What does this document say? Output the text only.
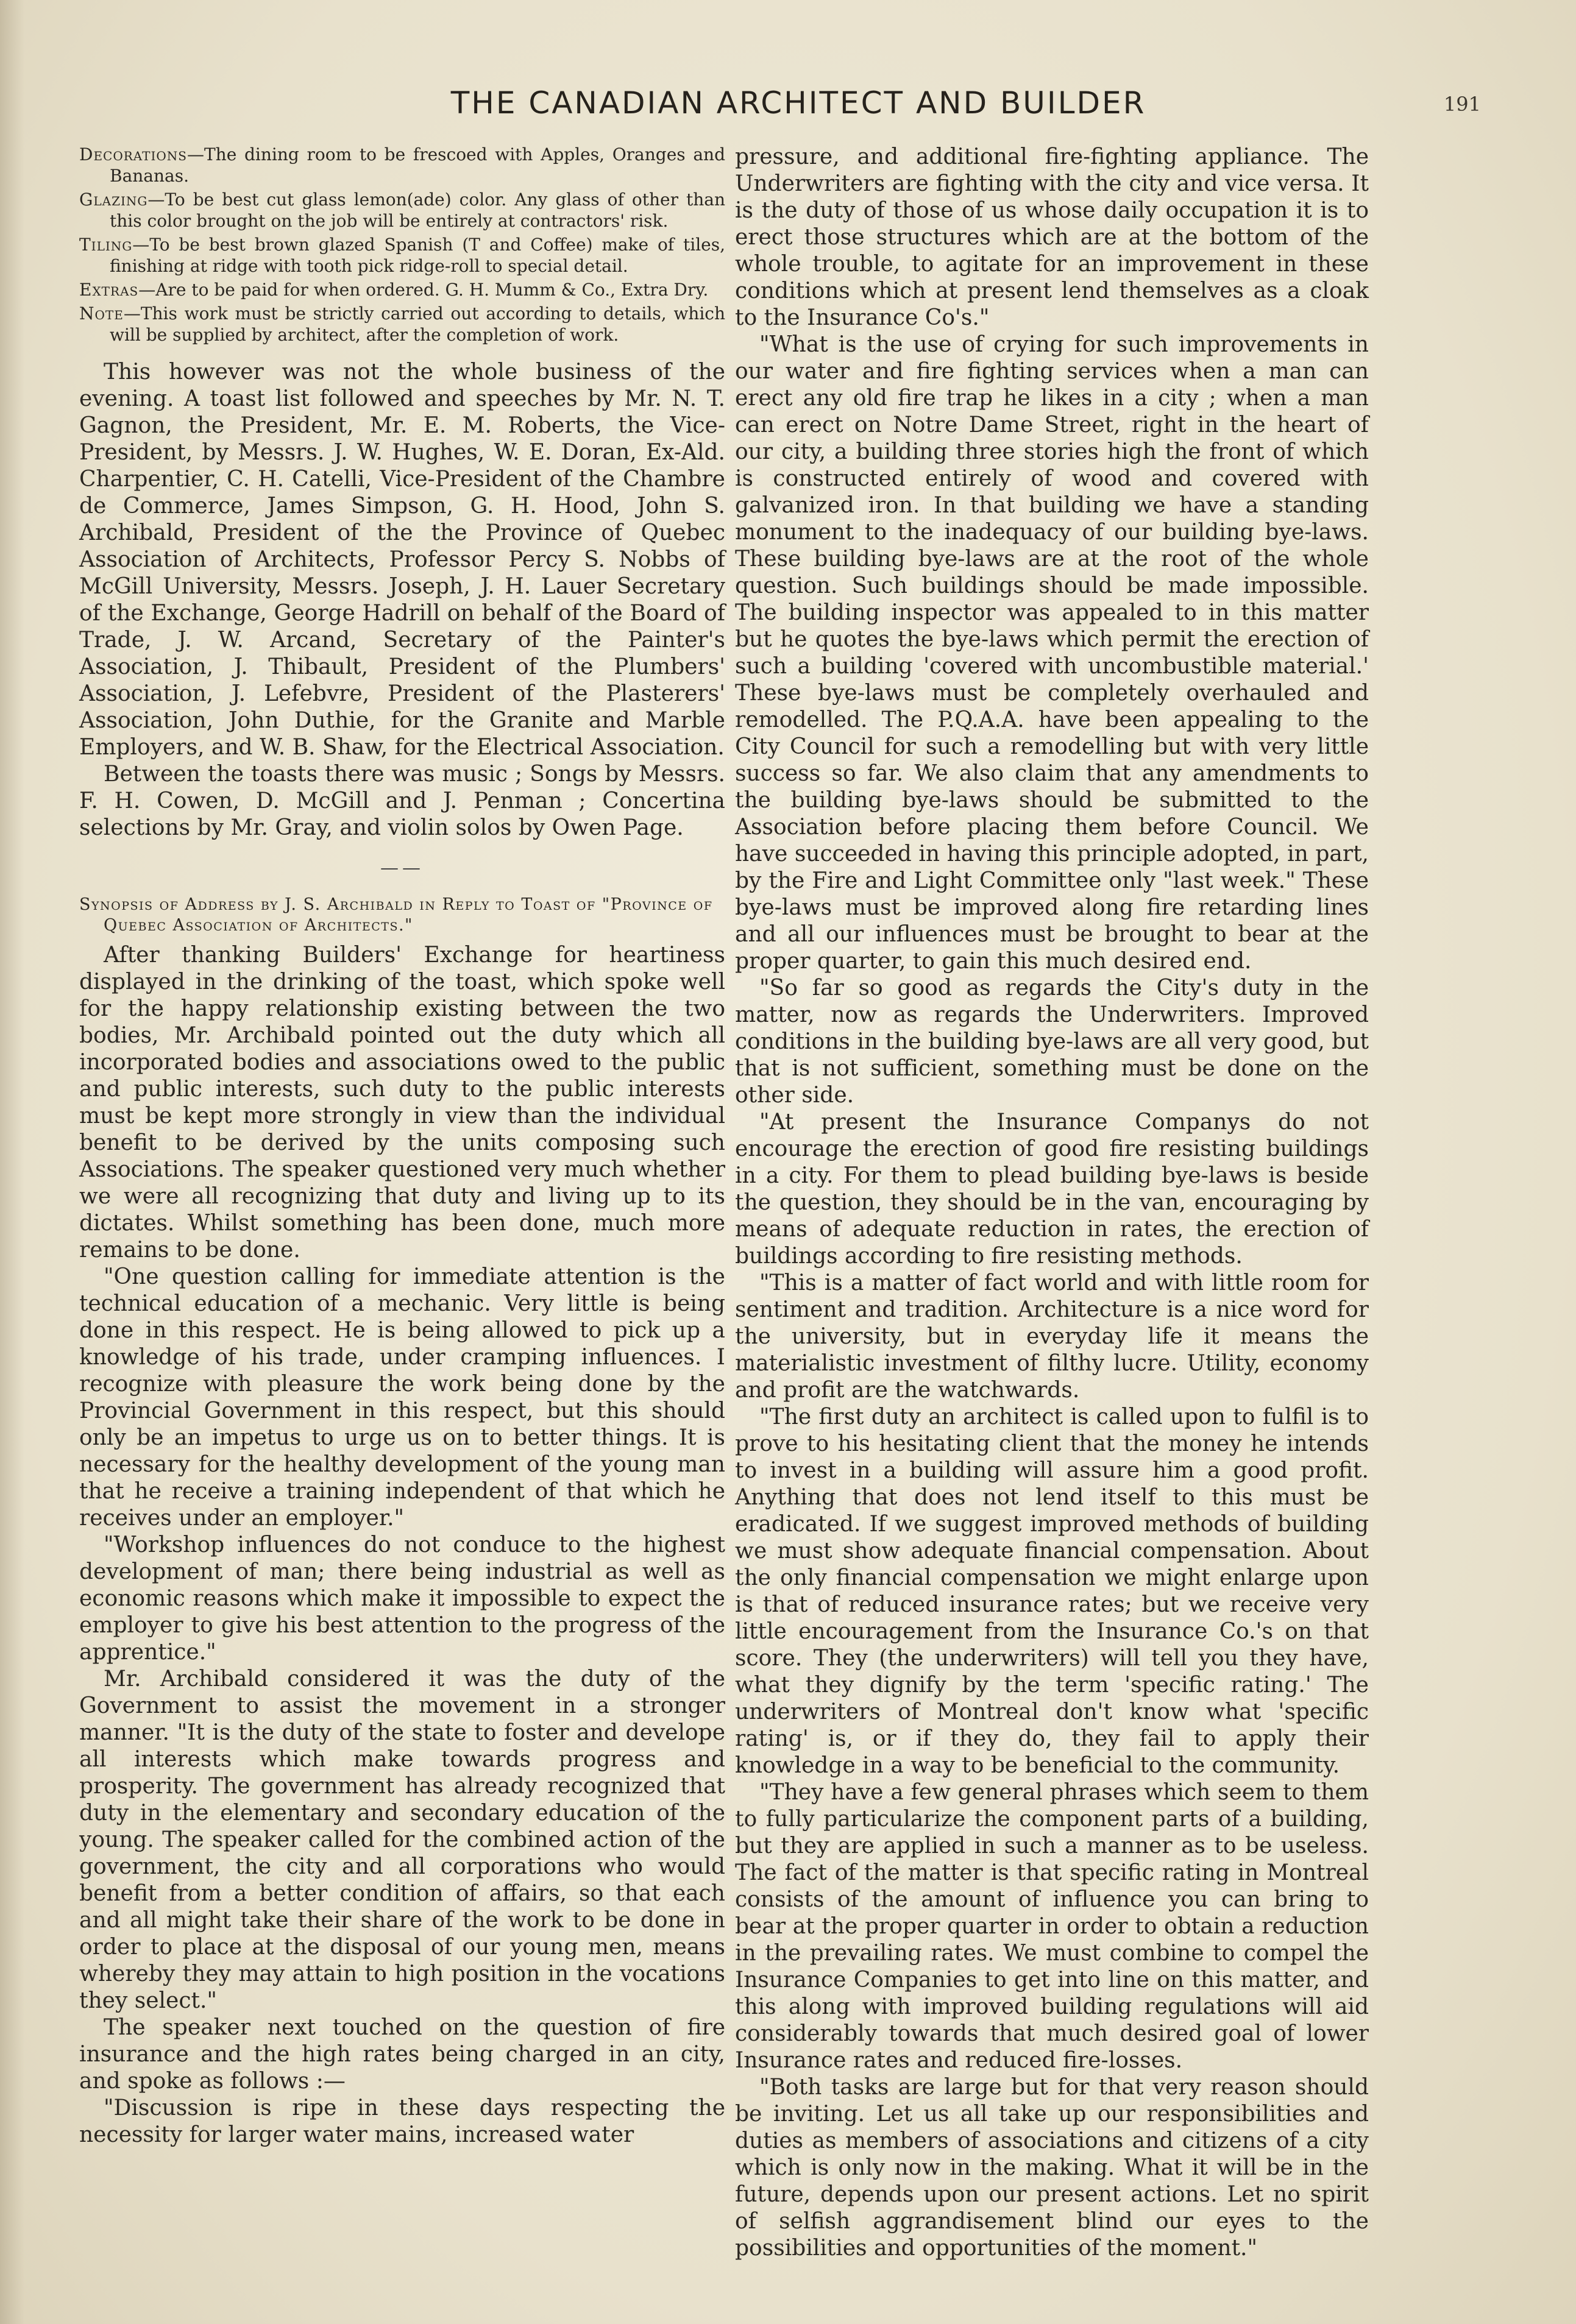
THE CANADIAN ARCHITECT AND BUILDER	191

Decorations—The dining room to be frescoed with Apples, Oranges and Bananas.

Glazing—To be best cut glass lemon(ade) color. Any glass of other than this color brought on the job will be entirely at contractors' risk.

Tiling—To be best brown glazed Spanish (T and Coffee) make of tiles, finishing at ridge with tooth pick ridge-roll to special detail.

Extras—Are to be paid for when ordered. G. H. Mumm & Co., Extra Dry.

Note—This work must be strictly carried out according to details, which will be supplied by architect, after the completion of work.

This however was not the whole business of the evening. A toast list followed and speeches by Mr. N. T. Gagnon, the President, Mr. E. M. Roberts, the Vice-President, by Messrs. J. W. Hughes, W. E. Doran, Ex-Ald. Charpentier, C. H. Catelli, Vice-President of the Chambre de Commerce, James Simpson, G. H. Hood, John S. Archibald, President of the the Province of Quebec Association of Architects, Professor Percy S. Nobbs of McGill University, Messrs. Joseph, J. H. Lauer Secretary of the Exchange, George Hadrill on behalf of the Board of Trade, J. W. Arcand, Secretary of the Painter's Association, J. Thibault, President of the Plumbers' Association, J. Lefebvre, President of the Plasterers' Association, John Duthie, for the Granite and Marble Employers, and W. B. Shaw, for the Electrical Association.

Between the toasts there was music ; Songs by Messrs. F. H. Cowen, D. McGill and J. Penman ; Concertina selections by Mr. Gray, and violin solos by Owen Page.

——

Synopsis of Address by J. S. Archibald in Reply to Toast of "Province of Quebec Association of Architects."

After thanking Builders' Exchange for heartiness displayed in the drinking of the toast, which spoke well for the happy relationship existing between the two bodies, Mr. Archibald pointed out the duty which all incorporated bodies and associations owed to the public and public interests, such duty to the public interests must be kept more strongly in view than the individual benefit to be derived by the units composing such Associations. The speaker questioned very much whether we were all recognizing that duty and living up to its dictates. Whilst something has been done, much more remains to be done.

"One question calling for immediate attention is the technical education of a mechanic. Very little is being done in this respect. He is being allowed to pick up a knowledge of his trade, under cramping influences. I recognize with pleasure the work being done by the Provincial Government in this respect, but this should only be an impetus to urge us on to better things. It is necessary for the healthy development of the young man that he receive a training independent of that which he receives under an employer."

"Workshop influences do not conduce to the highest development of man; there being industrial as well as economic reasons which make it impossible to expect the employer to give his best attention to the progress of the apprentice."

Mr. Archibald considered it was the duty of the Government to assist the movement in a stronger manner. "It is the duty of the state to foster and develope all interests which make towards progress and prosperity. The government has already recognized that duty in the elementary and secondary education of the young. The speaker called for the combined action of the government, the city and all corporations who would benefit from a better condition of affairs, so that each and all might take their share of the work to be done in order to place at the disposal of our young men, means whereby they may attain to high position in the vocations they select."

The speaker next touched on the question of fire insurance and the high rates being charged in an city, and spoke as follows :—

"Discussion is ripe in these days respecting the necessity for larger water mains, increased water

pressure, and additional fire-fighting appliance. The Underwriters are fighting with the city and vice versa. It is the duty of those of us whose daily occupation it is to erect those structures which are at the bottom of the whole trouble, to agitate for an improvement in these conditions which at present lend themselves as a cloak to the Insurance Co's."

"What is the use of crying for such improvements in our water and fire fighting services when a man can erect any old fire trap he likes in a city ; when a man can erect on Notre Dame Street, right in the heart of our city, a building three stories high the front of which is constructed entirely of wood and covered with galvanized iron. In that building we have a standing monument to the inadequacy of our building bye-laws. These building bye-laws are at the root of the whole question. Such buildings should be made impossible. The building inspector was appealed to in this matter but he quotes the bye-laws which permit the erection of such a building 'covered with uncombustible material.' These bye-laws must be completely overhauled and remodelled. The P.Q.A.A. have been appealing to the City Council for such a remodelling but with very little success so far. We also claim that any amendments to the building bye-laws should be submitted to the Association before placing them before Council. We have succeeded in having this principle adopted, in part, by the Fire and Light Committee only "last week." These bye-laws must be improved along fire retarding lines and all our influences must be brought to bear at the proper quarter, to gain this much desired end.

"So far so good as regards the City's duty in the matter, now as regards the Underwriters. Improved conditions in the building bye-laws are all very good, but that is not sufficient, something must be done on the other side.

"At present the Insurance Companys do not encourage the erection of good fire resisting buildings in a city. For them to plead building bye-laws is beside the question, they should be in the van, encouraging by means of adequate reduction in rates, the erection of buildings according to fire resisting methods.

"This is a matter of fact world and with little room for sentiment and tradition. Architecture is a nice word for the university, but in everyday life it means the materialistic investment of filthy lucre. Utility, economy and profit are the watchwards.

"The first duty an architect is called upon to fulfil is to prove to his hesitating client that the money he intends to invest in a building will assure him a good profit. Anything that does not lend itself to this must be eradicated. If we suggest improved methods of building we must show adequate financial compensation. About the only financial compensation we might enlarge upon is that of reduced insurance rates; but we receive very little encouragement from the Insurance Co.'s on that score. They (the underwriters) will tell you they have, what they dignify by the term 'specific rating.' The underwriters of Montreal don't know what 'specific rating' is, or if they do, they fail to apply their knowledge in a way to be beneficial to the community.

"They have a few general phrases which seem to them to fully particularize the component parts of a building, but they are applied in such a manner as to be useless. The fact of the matter is that specific rating in Montreal consists of the amount of influence you can bring to bear at the proper quarter in order to obtain a reduction in the prevailing rates. We must combine to compel the Insurance Companies to get into line on this matter, and this along with improved building regulations will aid considerably towards that much desired goal of lower Insurance rates and reduced fire-losses.

"Both tasks are large but for that very reason should be inviting. Let us all take up our responsibilities and duties as members of associations and citizens of a city which is only now in the making. What it will be in the future, depends upon our present actions. Let no spirit of selfish aggrandisement blind our eyes to the possibilities and opportunities of the moment."
